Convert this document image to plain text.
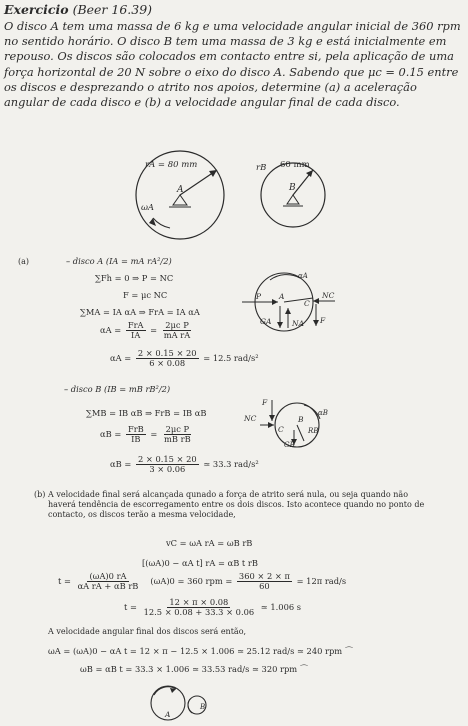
Exercicio (Beer 16.39)
O disco A tem uma massa de 6 kg e uma velocidade angular inicial de 360 rpm no sentido horário. O disco B tem uma massa de 3 kg e está inicialmente em repouso. Os discos são colocados em contacto entre si, pela aplicação de uma força horizontal de 20 N sobre o eixo do disco A. Sabendo que μc = 0.15 entre os discos e desprezando o atrito nos apoios, determine (a) a aceleração angular de cada disco e (b) a velocidade angular final de cada disco.
rA = 80 mm
A
ωA
rB 60 mm
B
(a)	– disco A (IA = mA rA²/2)
∑Fh = 0 ⇒ P = NC
F = μc NC
∑MA = IA αA ⇒ FrA = IA αA
$\alpha A = \frac{\text{FrA}}{IA} = \frac{\text{2μc P}}{\text{mA rA}}$
$\alpha A = \frac{2 \times 0.15 \times 20}{6 \times 0.08} = 12.5$ rad/s²
A
C
P
F
NC
GA	NA
αA
– disco B (IB = mB rB²/2)
∑MB = IB αB ⇒ FrB = IB αB
$\alpha B = \frac{\text{FrB}}{IB} = \frac{\text{2μc P}}{\text{mB rB}}$
$\alpha B = \frac{2 \times 0.15 \times 20}{3 \times 0.06}$ ≃ 33.3 rad/s²
F
NC
C
B
GB
RB
αB
(b) A velocidade final será alcançada qunado a força de atrito será nula, ou seja quando não haverá tendência de escorregamento entre os dois discos. Isto acontece quando no ponto de contacto, os discos terão a mesma velocidade,
vC = ωA rA = ωB rB
[(ωA)0 − αA t] rA = αB t rB
$t = \frac{(\omega A)0 rA}{\text{αA rA + αB rB}} (\omega A)0 = 360$ rpm = $\frac{360 \times 2 \times \pi}{60} = 12\pi$ rad/s
$t = \frac{12 \times \pi \times 0.08}{12.5 \times 0.08 + 33.3 \times 0.06}$ ≃ 1.006 s
A velocidade angular final dos discos será então,
ωA = (ωA)0 − αA t = 12 × π − 12.5 × 1.006 ≃ 25.12 rad/s ≃ 240 rpm ⌒
ωB = αB t = 33.3 × 1.006 ≃ 33.53 rad/s ≃ 320 rpm ⌒
A
B
